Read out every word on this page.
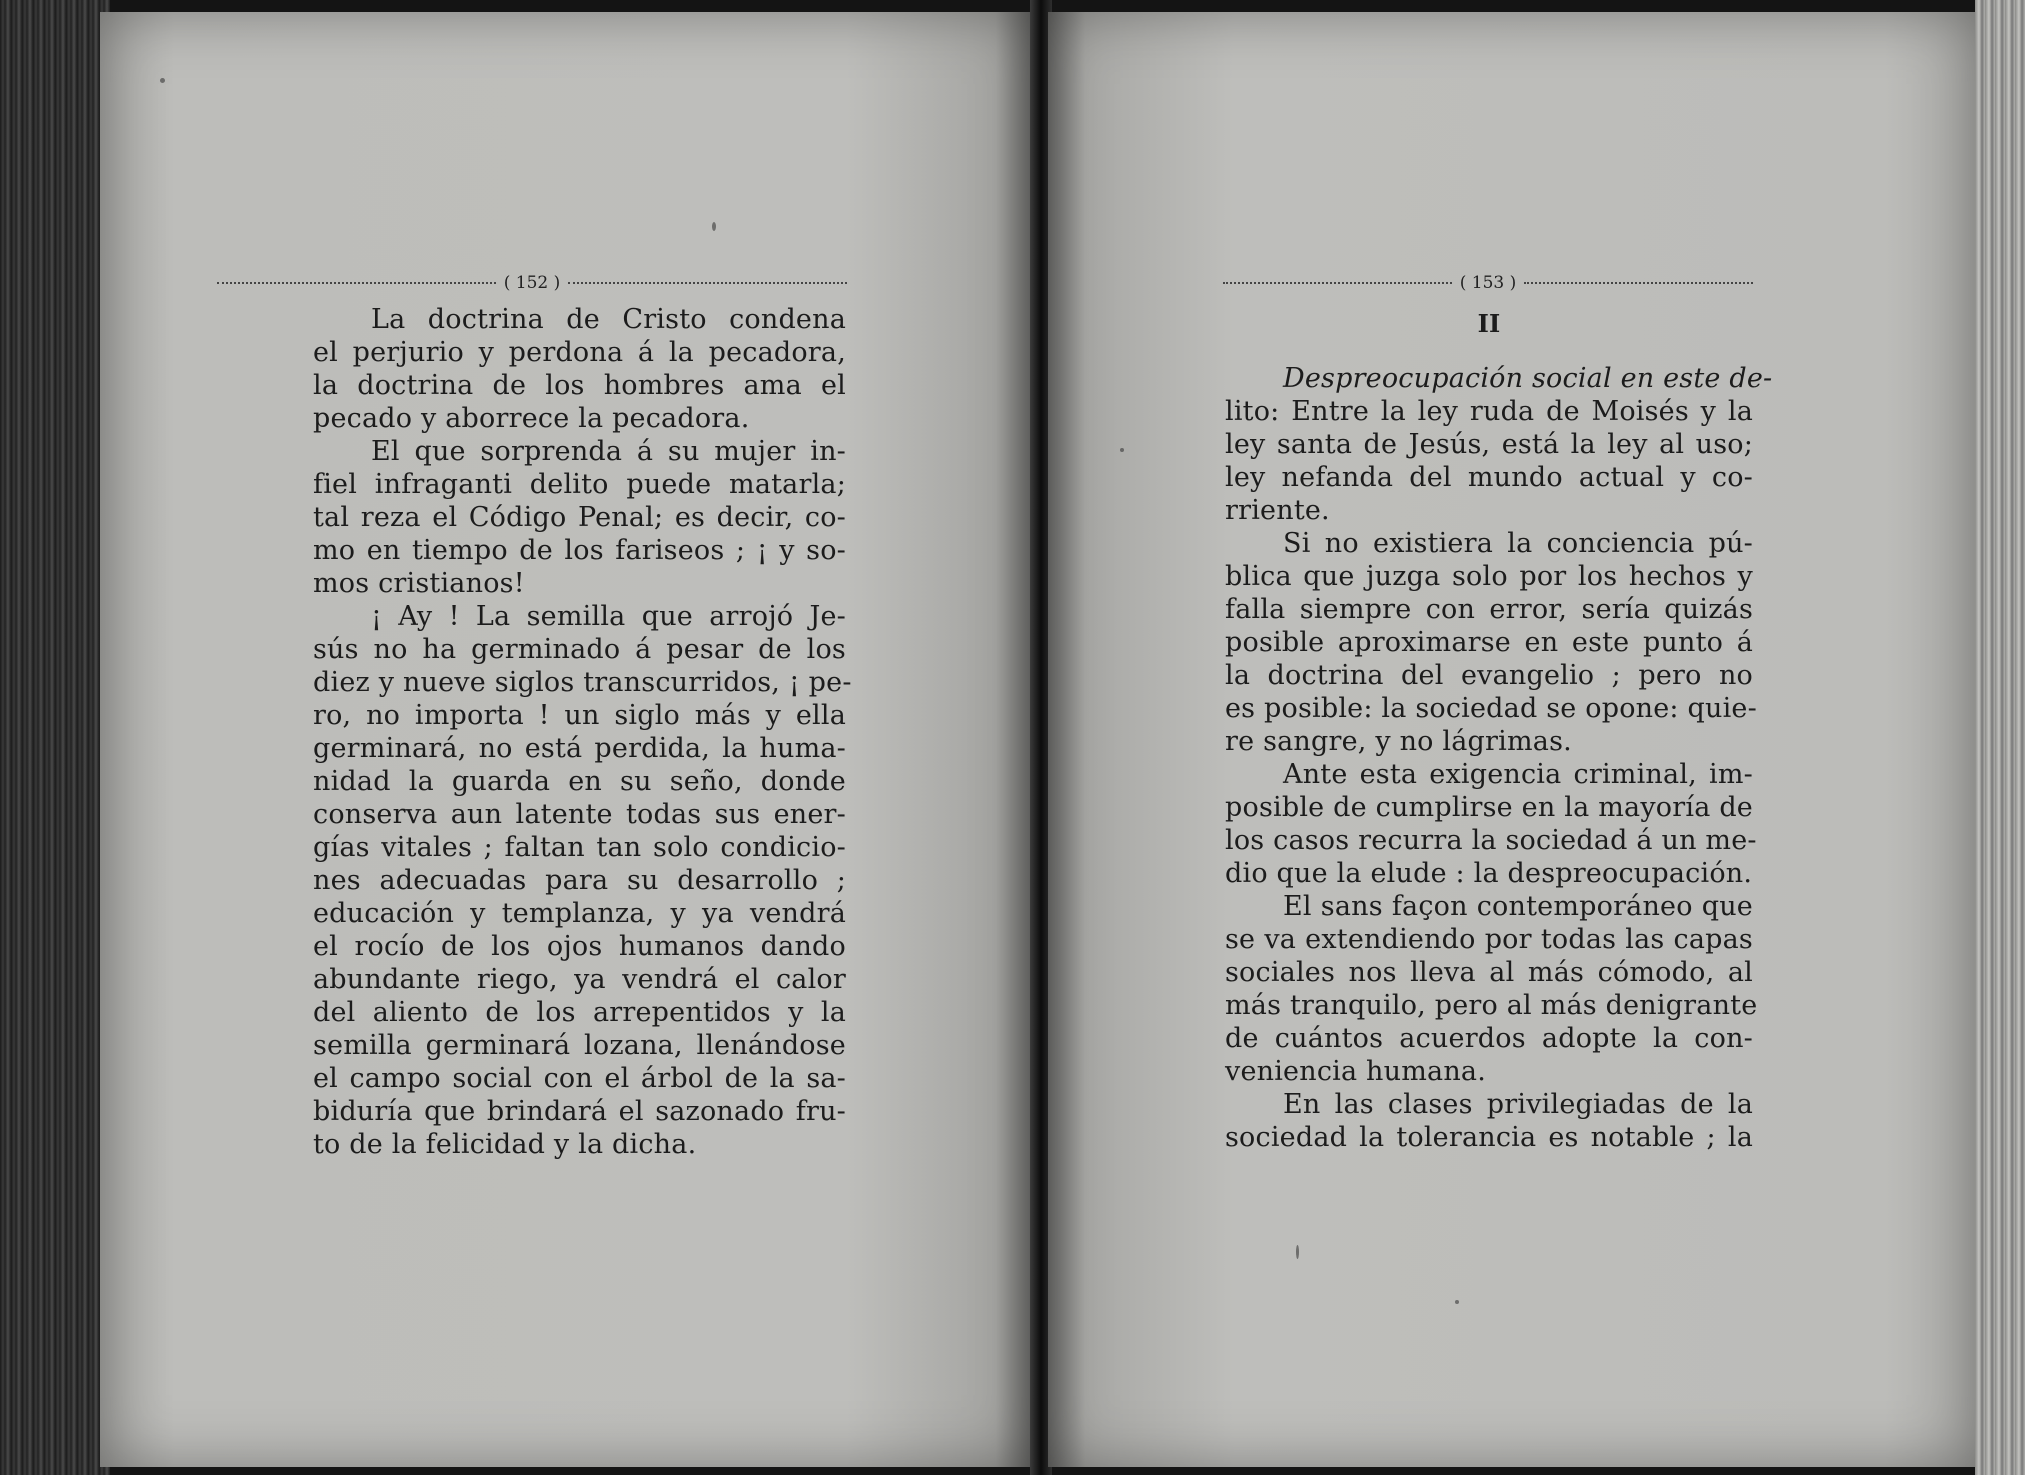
( 152 )
La doctrina de Cristo condena
el perjurio y perdona á la pecadora,
la doctrina de los hombres ama el
pecado y aborrece la pecadora.
El que sorprenda á su mujer in-
fiel infraganti delito puede matarla;
tal reza el Código Penal; es decir, co-
mo en tiempo de los fariseos ; ¡ y so-
mos cristianos!
¡ Ay ! La semilla que arrojó Je-
sús no ha germinado á pesar de los
diez y nueve siglos transcurridos, ¡ pe-
ro, no importa ! un siglo más y ella
germinará, no está perdida, la huma-
nidad la guarda en su seño, donde
conserva aun latente todas sus ener-
gías vitales ; faltan tan solo condicio-
nes adecuadas para su desarrollo ;
educación y templanza, y ya vendrá
el rocío de los ojos humanos dando
abundante riego, ya vendrá el calor
del aliento de los arrepentidos y la
semilla germinará lozana, llenándose
el campo social con el árbol de la sa-
biduría que brindará el sazonado fru-
to de la felicidad y la dicha.
( 153 )
II
Despreocupación social en este de-
lito: Entre la ley ruda de Moisés y la
ley santa de Jesús, está la ley al uso;
ley nefanda del mundo actual y co-
rriente.
Si no existiera la conciencia pú-
blica que juzga solo por los hechos y
falla siempre con error, sería quizás
posible aproximarse en este punto á
la doctrina del evangelio ; pero no
es posible: la sociedad se opone: quie-
re sangre, y no lágrimas.
Ante esta exigencia criminal, im-
posible de cumplirse en la mayoría de
los casos recurra la sociedad á un me-
dio que la elude : la despreocupación.
El sans façon contemporáneo que
se va extendiendo por todas las capas
sociales nos lleva al más cómodo, al
más tranquilo, pero al más denigrante
de cuántos acuerdos adopte la con-
veniencia humana.
En las clases privilegiadas de la
sociedad la tolerancia es notable ; la
